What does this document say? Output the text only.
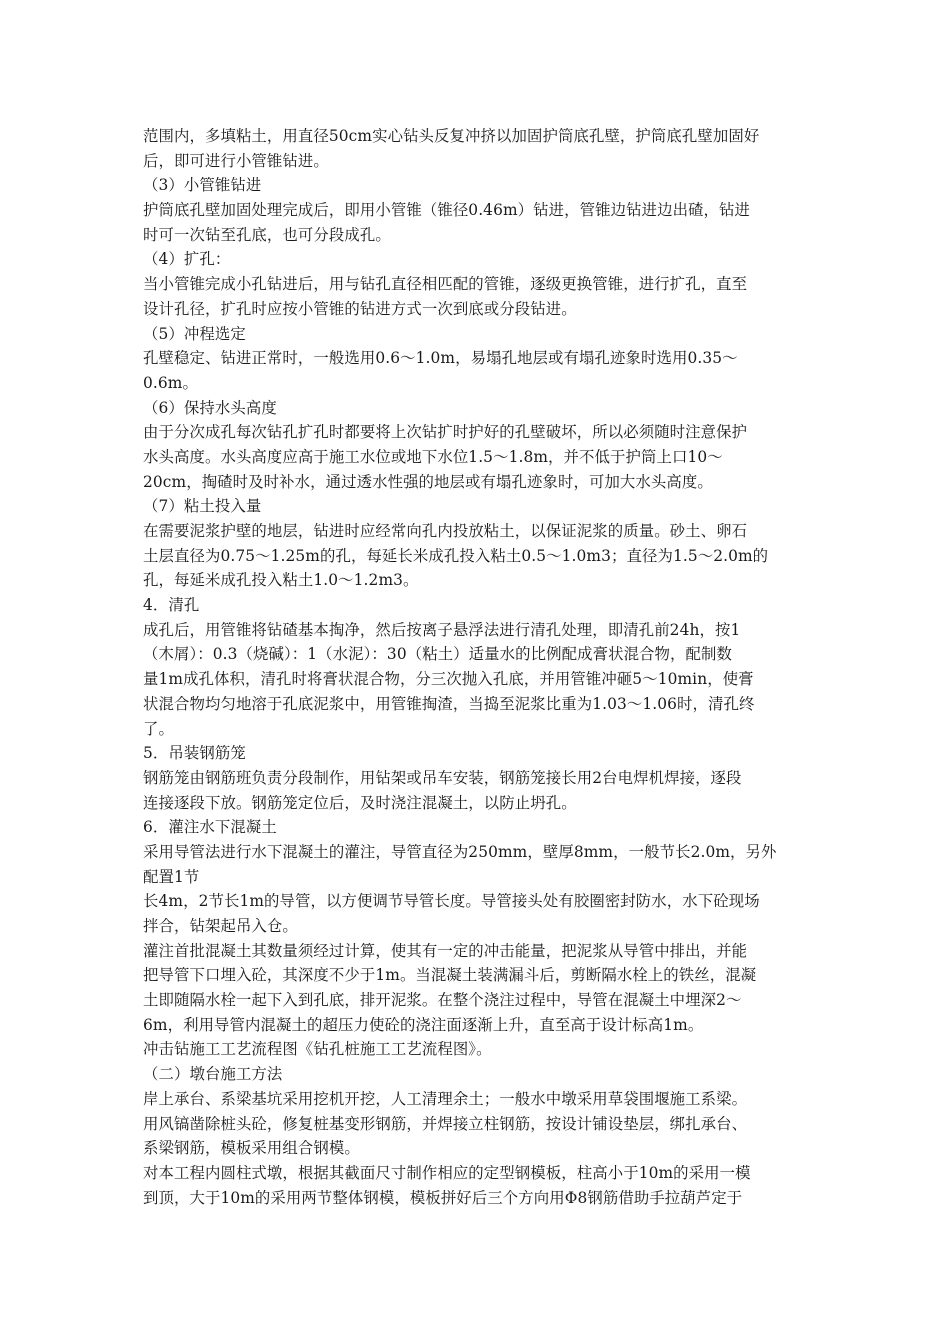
范围内，多填粘土，用直径50cm实心钻头反复冲挤以加固护筒底孔壁，护筒底孔壁加固好
后，即可进行小管锥钻进。
（3）小管锥钻进
护筒底孔壁加固处理完成后，即用小管锥（锥径0.46m）钻进，管锥边钻进边出碴，钻进
时可一次钻至孔底，也可分段成孔。
（4）扩孔：
当小管锥完成小孔钻进后，用与钻孔直径相匹配的管锥，逐级更换管锥，进行扩孔，直至
设计孔径，扩孔时应按小管锥的钻进方式一次到底或分段钻进。
（5）冲程选定
孔壁稳定、钻进正常时，一般选用0.6～1.0m，易塌孔地层或有塌孔迹象时选用0.35～
0.6m。
（6）保持水头高度
由于分次成孔每次钻孔扩孔时都要将上次钻扩时护好的孔壁破坏，所以必须随时注意保护
水头高度。水头高度应高于施工水位或地下水位1.5～1.8m，并不低于护筒上口10～
20cm，掏碴时及时补水，通过透水性强的地层或有塌孔迹象时，可加大水头高度。
（7）粘土投入量
在需要泥浆护壁的地层，钻进时应经常向孔内投放粘土，以保证泥浆的质量。砂土、卵石
土层直径为0.75～1.25m的孔，每延长米成孔投入粘土0.5～1.0m3；直径为1.5～2.0m的
孔，每延米成孔投入粘土1.0～1.2m3。
4．清孔
成孔后，用管锥将钻碴基本掏净，然后按离子悬浮法进行清孔处理，即清孔前24h，按1
（木屑）：0.3（烧碱）：1（水泥）：30（粘土）适量水的比例配成膏状混合物，配制数
量1m成孔体积，清孔时将膏状混合物，分三次抛入孔底，并用管锥冲砸5～10min，使膏
状混合物均匀地溶于孔底泥浆中，用管锥掏渣，当捣至泥浆比重为1.03～1.06时，清孔终
了。
5．吊装钢筋笼
钢筋笼由钢筋班负责分段制作，用钻架或吊车安装，钢筋笼接长用2台电焊机焊接，逐段
连接逐段下放。钢筋笼定位后，及时浇注混凝土，以防止坍孔。
6．灌注水下混凝土
采用导管法进行水下混凝土的灌注，导管直径为250mm，壁厚8mm，一般节长2.0m，另外
配置1节
长4m，2节长1m的导管，以方便调节导管长度。导管接头处有胶圈密封防水，水下砼现场
拌合，钻架起吊入仓。
灌注首批混凝土其数量须经过计算，使其有一定的冲击能量，把泥浆从导管中排出，并能
把导管下口埋入砼，其深度不少于1m。当混凝土装满漏斗后，剪断隔水栓上的铁丝，混凝
土即随隔水栓一起下入到孔底，排开泥浆。在整个浇注过程中，导管在混凝土中埋深2～
6m，利用导管内混凝土的超压力使砼的浇注面逐渐上升，直至高于设计标高1m。
冲击钻施工工艺流程图《钻孔桩施工工艺流程图》。
（二）墩台施工方法
岸上承台、系梁基坑采用挖机开挖，人工清理余土；一般水中墩采用草袋围堰施工系梁。
用风镐凿除桩头砼，修复桩基变形钢筋，并焊接立柱钢筋，按设计铺设垫层，绑扎承台、
系梁钢筋，模板采用组合钢模。
对本工程内圆柱式墩，根据其截面尺寸制作相应的定型钢模板，柱高小于10m的采用一模
到顶，大于10m的采用两节整体钢模，模板拼好后三个方向用Φ8钢筋借助手拉葫芦定于
